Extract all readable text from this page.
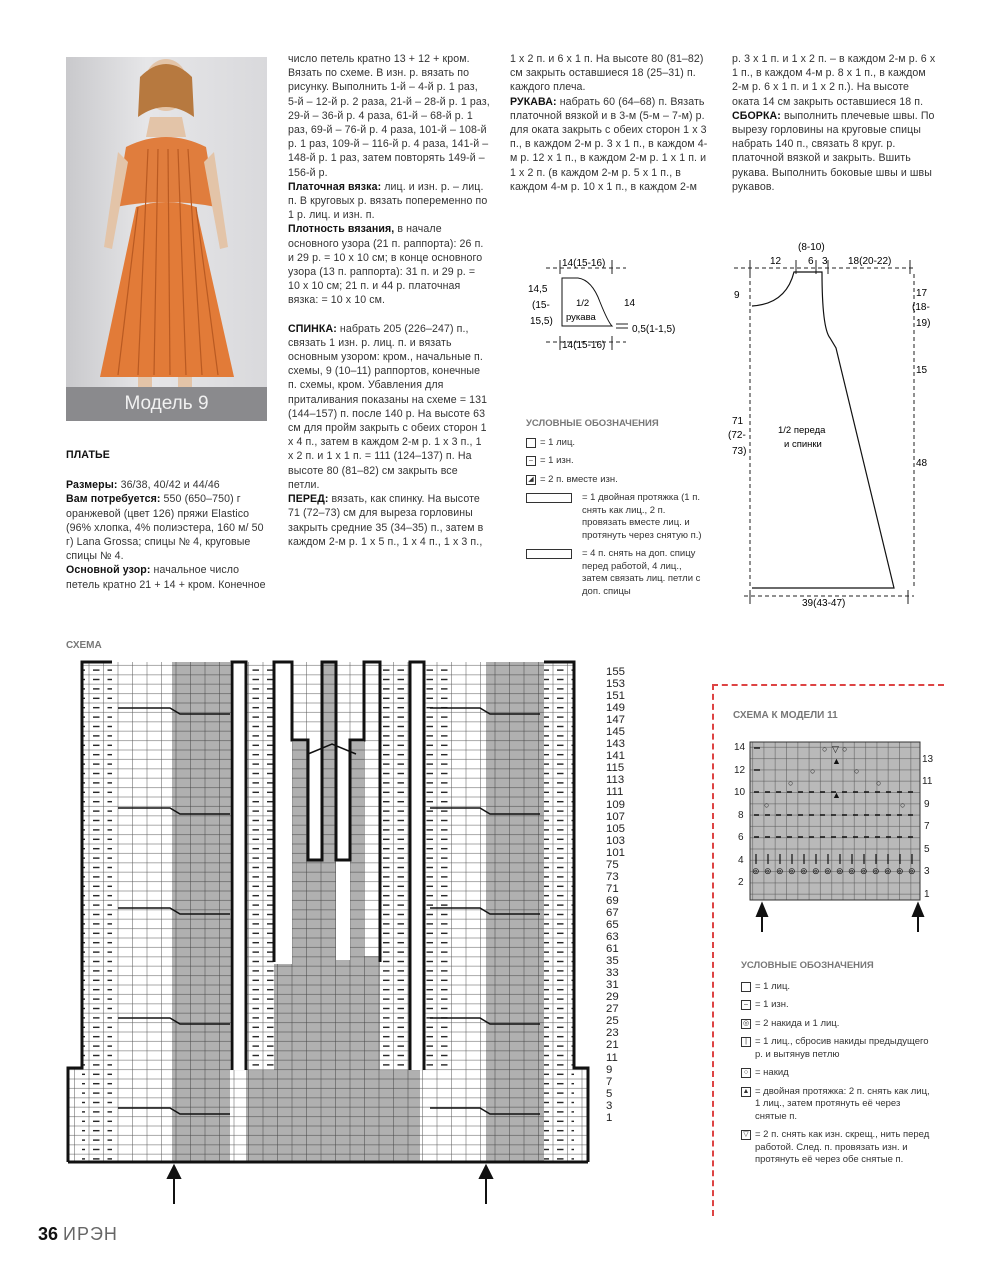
Модель 9

ПЛАТЬЕ

Размеры: 36/38, 40/42 и 44/46

Вам потребуется: 550 (650–750) г оранжевой (цвет 126) пряжи Elastico (96% хлопка, 4% полиэстера, 160 м/ 50 г) Lana Grossa; спицы № 4, круговые спицы № 4.

Основной узор: начальное число петель кратно 21 + 14 + кром. Конечное

число петель кратно 13 + 12 + кром. Вязать по схеме. В изн. р. вязать по рисунку. Выполнить 1-й – 4-й р. 1 раз, 5-й – 12-й р. 2 раза, 21-й – 28-й р. 1 раз, 29-й – 36-й р. 4 раза, 61-й – 68-й р. 1 раз, 69-й – 76-й р. 4 раза, 101-й – 108-й р. 1 раз, 109-й – 116-й р. 4 раза, 141-й – 148-й р. 1 раз, затем повторять 149-й – 156-й р.

Платочная вязка: лиц. и изн. р. – лиц. п. В круговых р. вязать попеременно по 1 р. лиц. и изн. п.

Плотность вязания, в начале основного узора (21 п. раппорта): 26 п. и 29 р. = 10 х 10 см; в конце основного узора (13 п. раппорта): 31 п. и 29 р. = 10 х 10 см; 21 п. и 44 р. платочная вязка: = 10 х 10 см.

СПИНКА: набрать 205 (226–247) п., связать 1 изн. р. лиц. п. и вязать основным узором: кром., начальные п. схемы, 9 (10–11) раппортов, конечные п. схемы, кром. Убавления для приталивания показаны на схеме = 131 (144–157) п. после 140 р. На высоте 63 см для пройм закрыть с обеих сторон 1 х 4 п., затем в каждом 2-м р. 1 х 3 п., 1 х 2 п. и 1 х 1 п. = 111 (124–137) п. На высоте 80 (81–82) см закрыть все петли.

ПЕРЕД: вязать, как спинку. На высоте 71 (72–73) см для выреза горловины закрыть средние 35 (34–35) п., затем в каждом 2-м р. 1 х 5 п., 1 х 4 п., 1 х 3 п.,

1 х 2 п. и 6 х 1 п. На высоте 80 (81–82) см закрыть оставшиеся 18 (25–31) п. каждого плеча.

РУКАВА: набрать 60 (64–68) п. Вязать платочной вязкой и в 3-м (5-м – 7-м) р. для оката закрыть с обеих сторон 1 х 3 п., в каждом 2-м р. 3 х 1 п., в каждом 4-м р. 12 х 1 п., в каждом 2-м р. 1 х 1 п. и 1 х 2 п. (в каждом 2-м р. 5 х 1 п., в каждом 4-м р. 10 х 1 п., в каждом 2-м

р. 3 х 1 п. и 1 х 2 п. – в каждом 2-м р. 6 х 1 п., в каждом 4-м р. 8 х 1 п., в каждом 2-м р. 6 х 1 п. и 1 х 2 п.). На высоте оката 14 см закрыть оставшиеся 18 п.

СБОРКА: выполнить плечевые швы. По вырезу горловины на круговые спицы набрать 140 п., связать 8 круг. р. платочной вязкой и закрыть. Вшить рукава. Выполнить боковые швы и швы рукавов.

14(15-16)
14,5
(15-
15,5)
14
1/2
рукава
0,5(1-1,5)
14(15-16)
УСЛОВНЫЕ ОБОЗНАЧЕНИЯ
= 1 лиц.
– = 1 изн.
◢ = 2 п. вместе изн.
= 1 двойная протяжка (1 п. снять как лиц., 2 п. провязать вместе лиц. и протянуть через снятую п.)
= 4 п. снять на доп. спицу перед работой, 4 лиц., затем связать лиц. петли с доп. спицы
(8-10)
12	6 3 18(20-22)
9	17
(18-
19)
15
48
71
(72-
73)
1/2 переда
и спинки
39(43-47)
СХЕМА
155
153
151
149
147
145
143
141
115
113
111
109
107
105
103
101
75
73
71
69
67
65
63
61
35
33
31
29
27
25
23
21
11
9
7
5
3
1
СХЕМА К МОДЕЛИ 11
○ ○
○	○
○	○
○	○
▲
▲
▽
⊚ ⊚ ⊚ ⊚ ⊚ ⊚ ⊚ ⊚ ⊚ ⊚ ⊚ ⊚ ⊚ ⊚
14
12
10
8
6
4
2
13
11
9
7
5
3
1
УСЛОВНЫЕ ОБОЗНАЧЕНИЯ
= 1 лиц.
– = 1 изн.
◎ = 2 накида и 1 лиц.
| = 1 лиц., сбросив накиды предыдущего р. и вытянув петлю
○ = накид
▲ = двойная протяжка: 2 п. снять как лиц, 1 лиц., затем протянуть её через снятые п.
▽ = 2 п. снять как изн. скрещ., нить перед работой. След. п. провязать изн. и протянуть её через обе снятые п.
36 ИРЭН
